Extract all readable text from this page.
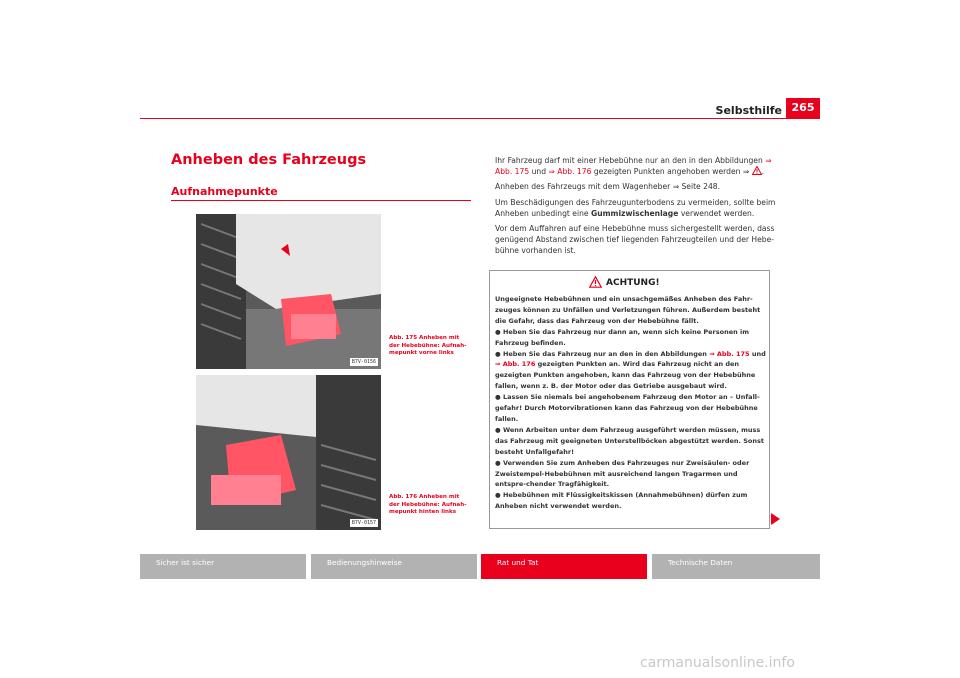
Selbsthilfe 265
Anheben des Fahrzeugs
Aufnahmepunkte
B7V-0156
Abb. 175 Anheben mit der Hebebühne: Aufnah-mepunkt vorne links
B7V-0157
Abb. 176 Anheben mit der Hebebühne: Aufnah-mepunkt hinten links

Ihr Fahrzeug darf mit einer Hebebühne nur an den in den Abbildungen ⇒ Abb. 175 und ⇒ Abb. 176 gezeigten Punkten angehoben werden ⇒ .

Anheben des Fahrzeugs mit dem Wagenheber ⇒ Seite 248.

Um Beschädigungen des Fahrzeugunterbodens zu vermeiden, sollte beim Anheben unbedingt eine Gummizwischenlage verwendet werden.

Vor dem Auffahren auf eine Hebebühne muss sichergestellt werden, dass genügend Abstand zwischen tief liegenden Fahrzeugteilen und der Hebe-bühne vorhanden ist.

ACHTUNG!

Ungeeignete Hebebühnen und ein unsachgemäßes Anheben des Fahr-zeuges können zu Unfällen und Verletzungen führen. Außerdem besteht die Gefahr, dass das Fahrzeug von der Hebebühne fällt.

● Heben Sie das Fahrzeug nur dann an, wenn sich keine Personen im Fahrzeug befinden.

● Heben Sie das Fahrzeug nur an den in den Abbildungen ⇒ Abb. 175 und ⇒ Abb. 176 gezeigten Punkten an. Wird das Fahrzeug nicht an den gezeigten Punkten angehoben, kann das Fahrzeug von der Hebebühne fallen, wenn z. B. der Motor oder das Getriebe ausgebaut wird.

● Lassen Sie niemals bei angehobenem Fahrzeug den Motor an – Unfall-gefahr! Durch Motorvibrationen kann das Fahrzeug von der Hebebühne fallen.

● Wenn Arbeiten unter dem Fahrzeug ausgeführt werden müssen, muss das Fahrzeug mit geeigneten Unterstellböcken abgestützt werden. Sonst besteht Unfallgefahr!

● Verwenden Sie zum Anheben des Fahrzeuges nur Zweisäulen- oder Zweistempel-Hebebühnen mit ausreichend langen Tragarmen und entspre-chender Tragfähigkeit.

● Hebebühnen mit Flüssigkeitskissen (Annahmebühnen) dürfen zum Anheben nicht verwendet werden.

Sicher ist sicher	Bedienungshinweise	Rat und Tat	Technische Daten
carmanualsonline.info
